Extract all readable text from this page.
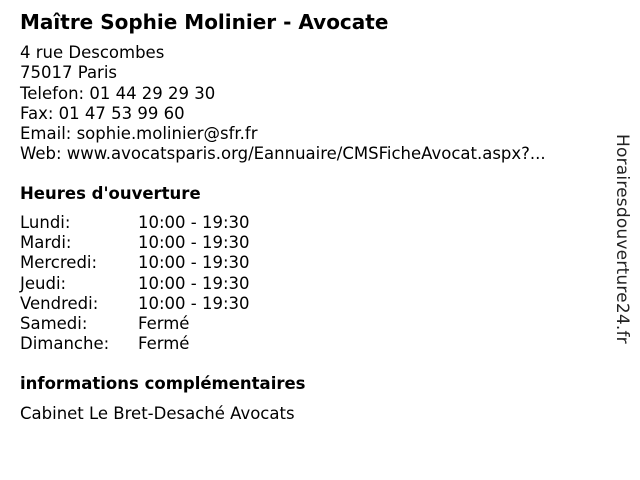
Maître Sophie Molinier - Avocate
4 rue Descombes
75017 Paris
Telefon: 01 44 29 29 30
Fax: 01 47 53 99 60
Email: sophie.molinier@sfr.fr
Web: www.avocatsparis.org/Eannuaire/CMSFicheAvocat.aspx?...
Heures d'ouverture
Lundi:	10:00 - 19:30
Mardi:	10:00 - 19:30
Mercredi:	10:00 - 19:30
Jeudi:	10:00 - 19:30
Vendredi:	10:00 - 19:30
Samedi:	Fermé
Dimanche:	Fermé
informations complémentaires
Cabinet Le Bret-Desaché Avocats
Horairesdouverture24.fr
